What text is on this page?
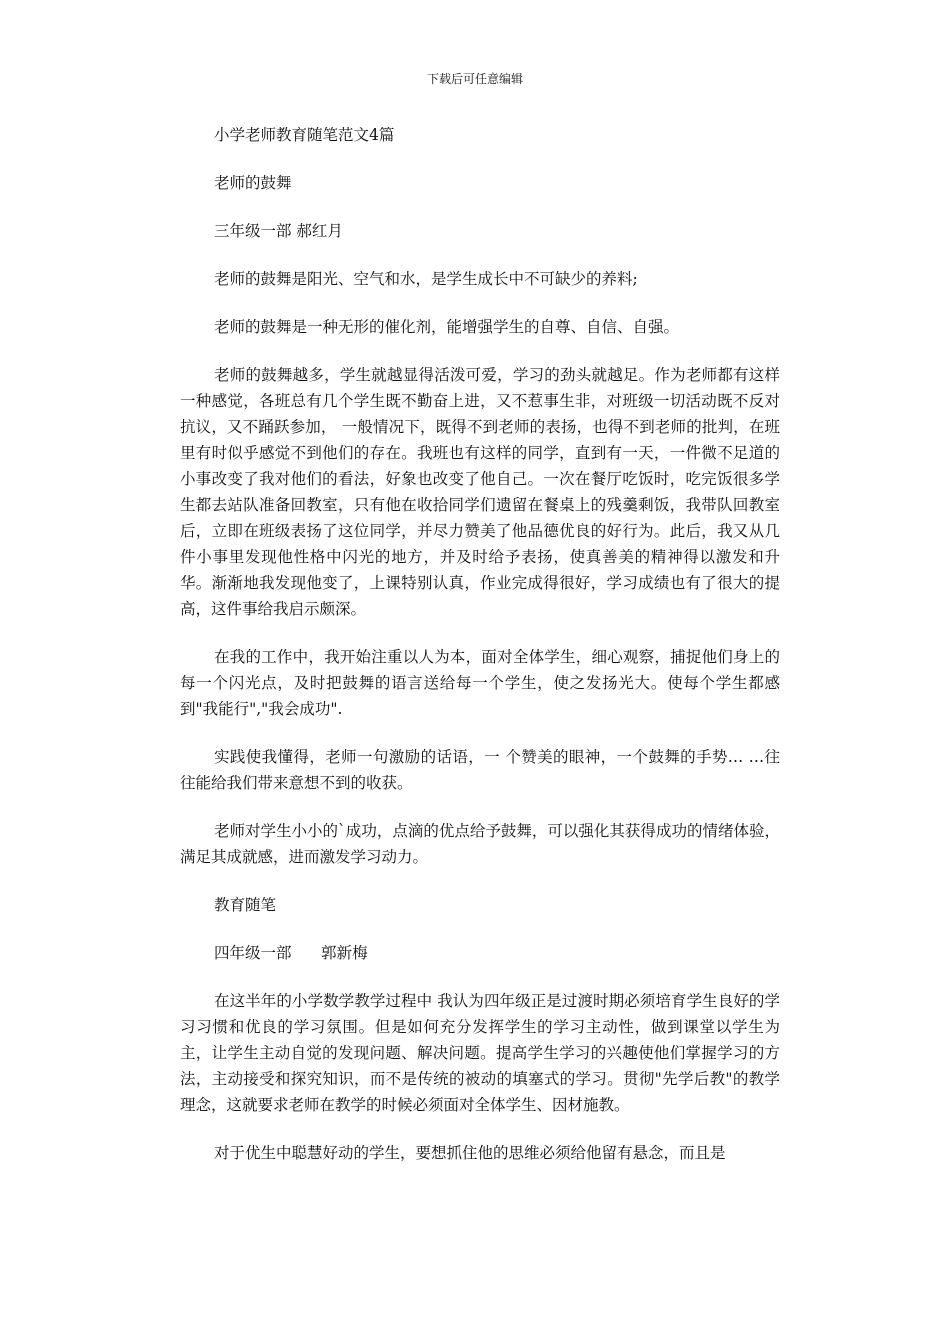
下载后可任意编辑

小学老师教育随笔范文4篇

老师的鼓舞

三年级一部 郝红月

老师的鼓舞是阳光、空气和水，是学生成长中不可缺少的养料;

老师的鼓舞是一种无形的催化剂，能增强学生的自尊、自信、自强。

老师的鼓舞越多，学生就越显得活泼可爱，学习的劲头就越足。作为老师都有这样一种感觉，各班总有几个学生既不勤奋上进，又不惹事生非，对班级一切活动既不反对抗议，又不踊跃参加， 一般情况下，既得不到老师的表扬，也得不到老师的批判，在班里有时似乎感觉不到他们的存在。我班也有这样的同学，直到有一天，一件微不足道的小事改变了我对他们的看法，好象也改变了他自己。一次在餐厅吃饭时，吃完饭很多学生都去站队准备回教室，只有他在收拾同学们遗留在餐桌上的残羹剩饭，我带队回教室后，立即在班级表扬了这位同学，并尽力赞美了他品德优良的好行为。此后，我又从几件小事里发现他性格中闪光的地方，并及时给予表扬，使真善美的精神得以激发和升华。渐渐地我发现他变了，上课特别认真，作业完成得很好，学习成绩也有了很大的提高，这件事给我启示颇深。

在我的工作中，我开始注重以人为本，面对全体学生，细心观察，捕捉他们身上的每一个闪光点，及时把鼓舞的语言送给每一个学生，使之发扬光大。使每个学生都感到"我能行","我会成功".

实践使我懂得，老师一句激励的话语，一 个赞美的眼神，一个鼓舞的手势… …往往能给我们带来意想不到的收获。

老师对学生小小的`成功，点滴的优点给予鼓舞，可以强化其获得成功的情绪体验，满足其成就感，进而激发学习动力。

教育随笔

四年级一部      郭新梅

在这半年的小学数学教学过程中 我认为四年级正是过渡时期必须培育学生良好的学习习惯和优良的学习氛围。但是如何充分发挥学生的学习主动性，做到课堂以学生为主，让学生主动自觉的发现问题、解决问题。提高学生学习的兴趣使他们掌握学习的方法，主动接受和探究知识，而不是传统的被动的填塞式的学习。贯彻"先学后教"的教学理念，这就要求老师在教学的时候必须面对全体学生、因材施教。

对于优生中聪慧好动的学生，要想抓住他的思维必须给他留有悬念，而且是
